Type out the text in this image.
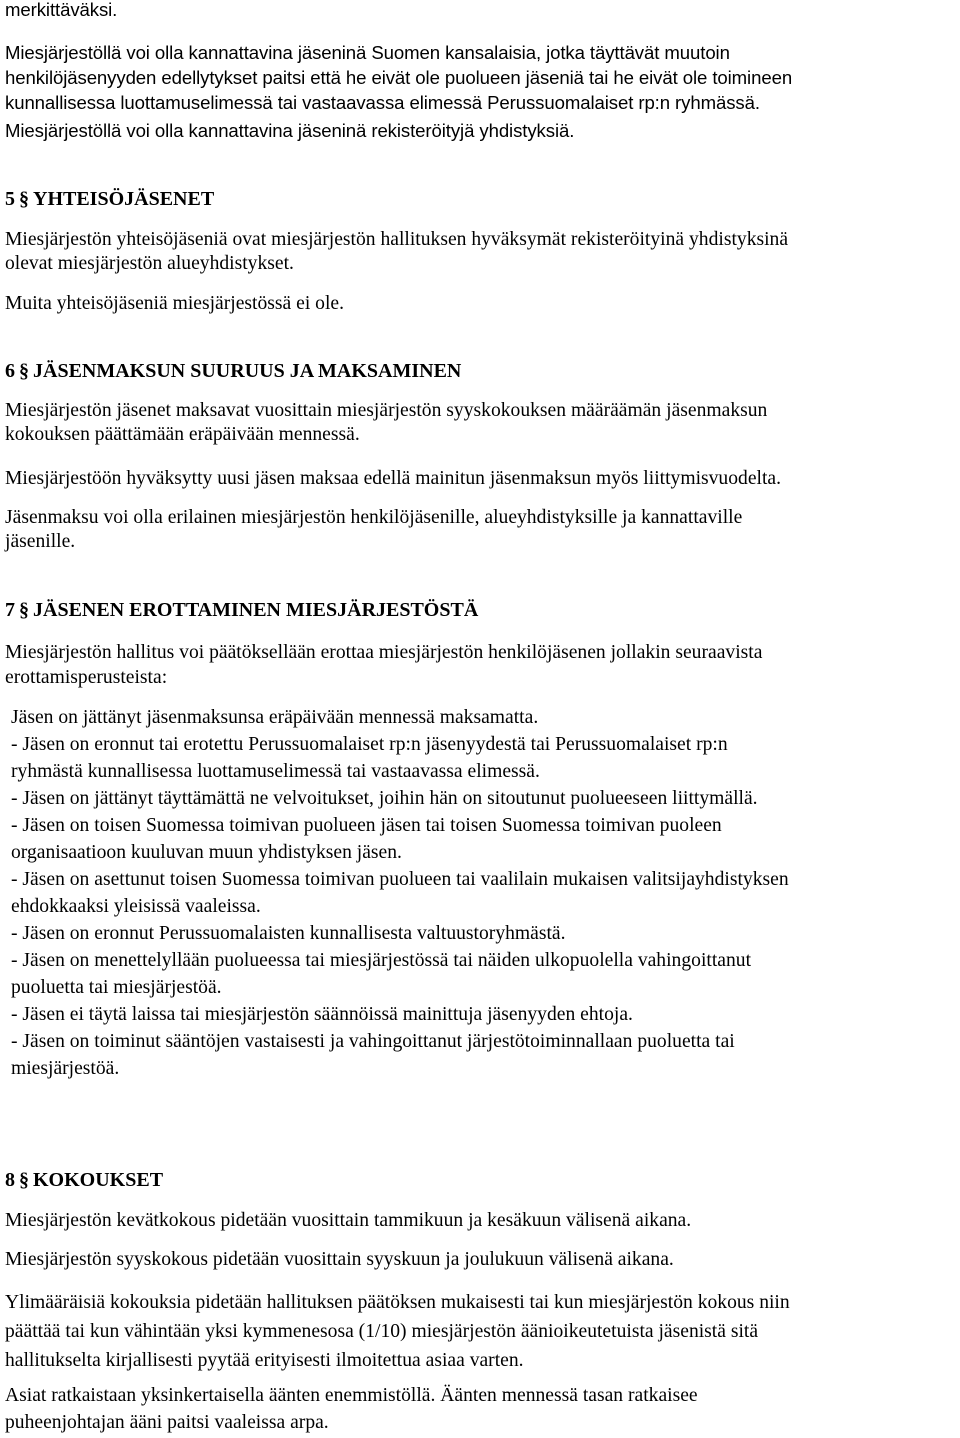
merkittäväksi.

Miesjärjestöllä voi olla kannattavina jäseninä Suomen kansalaisia, jotka täyttävät muutoin
henkilöjäsenyyden edellytykset paitsi että he eivät ole puolueen jäseniä tai he eivät ole toimineen
kunnallisessa luottamuselimessä tai vastaavassa elimessä Perussuomalaiset rp:n ryhmässä.

Miesjärjestöllä voi olla kannattavina jäseninä rekisteröityjä yhdistyksiä.

5 § YHTEISÖJÄSENET

Miesjärjestön yhteisöjäseniä ovat miesjärjestön hallituksen hyväksymät rekisteröityinä yhdistyksinä
olevat miesjärjestön alueyhdistykset.

Muita yhteisöjäseniä miesjärjestössä ei ole.

6 § JÄSENMAKSUN SUURUUS JA MAKSAMINEN

Miesjärjestön jäsenet maksavat vuosittain miesjärjestön syyskokouksen määräämän jäsenmaksun
kokouksen päättämään eräpäivään mennessä.

Miesjärjestöön hyväksytty uusi jäsen maksaa edellä mainitun jäsenmaksun myös liittymisvuodelta.

Jäsenmaksu voi olla erilainen miesjärjestön henkilöjäsenille, alueyhdistyksille ja kannattaville
jäsenille.

7 § JÄSENEN EROTTAMINEN MIESJÄRJESTÖSTÄ

Miesjärjestön hallitus voi päätöksellään erottaa miesjärjestön henkilöjäsenen jollakin seuraavista
erottamisperusteista:

Jäsen on jättänyt jäsenmaksunsa eräpäivään mennessä maksamatta.
- Jäsen on eronnut tai erotettu Perussuomalaiset rp:n jäsenyydestä tai Perussuomalaiset rp:n
ryhmästä kunnallisessa luottamuselimessä tai vastaavassa elimessä.
- Jäsen on jättänyt täyttämättä ne velvoitukset, joihin hän on sitoutunut puolueeseen liittymällä.
- Jäsen on toisen Suomessa toimivan puolueen jäsen tai toisen Suomessa toimivan puoleen
organisaatioon kuuluvan muun yhdistyksen jäsen.
- Jäsen on asettunut toisen Suomessa toimivan puolueen tai vaalilain mukaisen valitsijayhdistyksen
ehdokkaaksi yleisissä vaaleissa.
- Jäsen on eronnut Perussuomalaisten kunnallisesta valtuustoryhmästä.
- Jäsen on menettelyllään puolueessa tai miesjärjestössä tai näiden ulkopuolella vahingoittanut
puoluetta tai miesjärjestöä.
- Jäsen ei täytä laissa tai miesjärjestön säännöissä mainittuja jäsenyyden ehtoja.
- Jäsen on toiminut sääntöjen vastaisesti ja vahingoittanut järjestötoiminnallaan puoluetta tai
miesjärjestöä.
8 § KOKOUKSET

Miesjärjestön kevätkokous pidetään vuosittain tammikuun ja kesäkuun välisenä aikana.

Miesjärjestön syyskokous pidetään vuosittain syyskuun ja joulukuun välisenä aikana.

Ylimääräisiä kokouksia pidetään hallituksen päätöksen mukaisesti tai kun miesjärjestön kokous niin
päättää tai kun vähintään yksi kymmenesosa (1/10) miesjärjestön äänioikeutetuista jäsenistä sitä
hallitukselta kirjallisesti pyytää erityisesti ilmoitettua asiaa varten.

Asiat ratkaistaan yksinkertaisella äänten enemmistöllä. Äänten mennessä tasan ratkaisee
puheenjohtajan ääni paitsi vaaleissa arpa.
